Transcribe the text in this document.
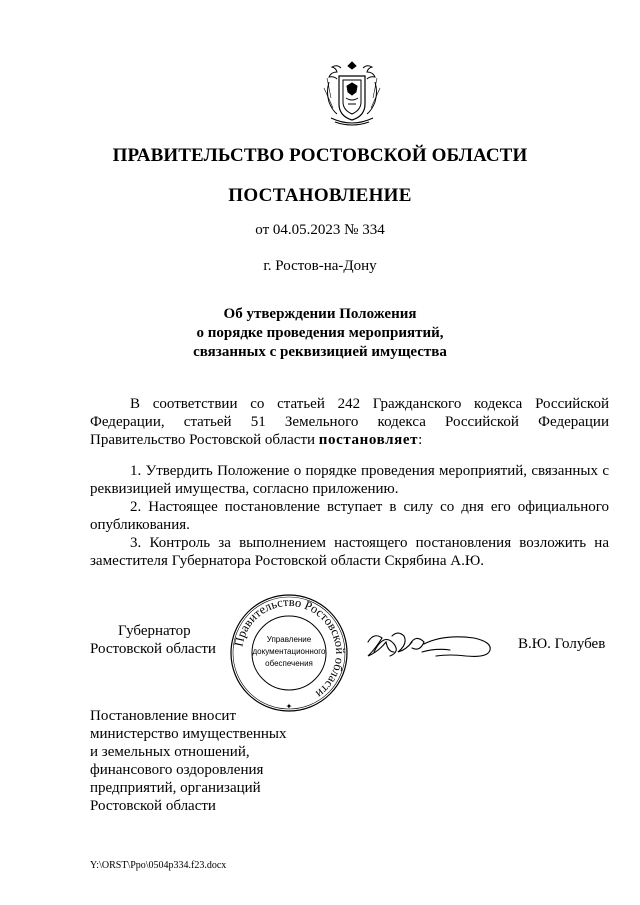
ПРАВИТЕЛЬСТВО РОСТОВСКОЙ ОБЛАСТИ
ПОСТАНОВЛЕНИЕ
от 04.05.2023 № 334
г. Ростов-на-Дону
Об утверждении Положения
о порядке проведения мероприятий,
связанных с реквизицией имущества
В соответствии со статьей 242 Гражданского кодекса Российской Федерации, статьей 51 Земельного кодекса Российской Федерации Правительство Ростовской области постановляет:
1. Утвердить Положение о порядке проведения мероприятий, связанных с реквизицией имущества, согласно приложению.
2. Настоящее постановление вступает в силу со дня его официального опубликования.
3. Контроль за выполнением настоящего постановления возложить на заместителя Губернатора Ростовской области Скрябина А.Ю.
Губернатор
Ростовской области	Правительство Ростовской области
Управление
документационного
обеспечения
✦
В.Ю. Голубев
Постановление вносит
министерство имущественных
и земельных отношений,
финансового оздоровления
предприятий, организаций
Ростовской области
Y:\ORST\Ppo\0504p334.f23.docx
